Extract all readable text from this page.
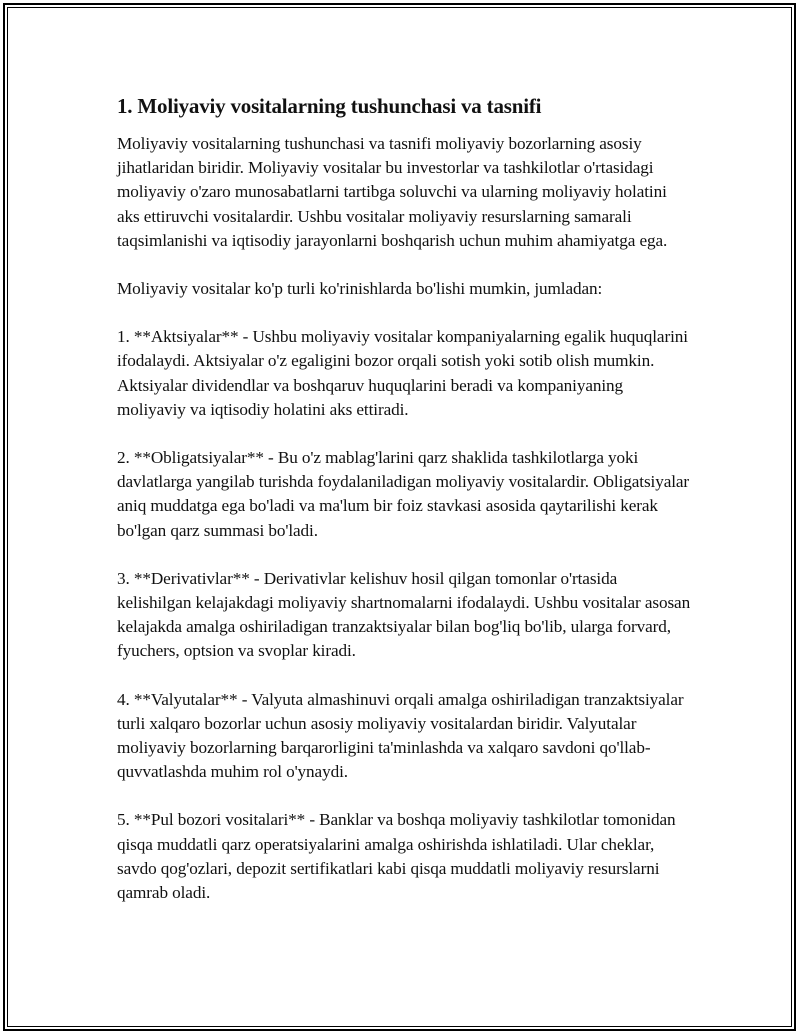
1. Moliyaviy vositalarning tushunchasi va tasnifi

Moliyaviy vositalarning tushunchasi va tasnifi moliyaviy bozorlarning asosiy jihatlaridan biridir. Moliyaviy vositalar bu investorlar va tashkilotlar o'rtasidagi moliyaviy o'zaro munosabatlarni tartibga soluvchi va ularning moliyaviy holatini aks ettiruvchi vositalardir. Ushbu vositalar moliyaviy resurslarning samarali taqsimlanishi va iqtisodiy jarayonlarni boshqarish uchun muhim ahamiyatga ega.

Moliyaviy vositalar ko'p turli ko'rinishlarda bo'lishi mumkin, jumladan:

1. **Aktsiyalar** - Ushbu moliyaviy vositalar kompaniyalarning egalik huquqlarini ifodalaydi. Aktsiyalar o'z egaligini bozor orqali sotish yoki sotib olish mumkin. Aktsiyalar dividendlar va boshqaruv huquqlarini beradi va kompaniyaning moliyaviy va iqtisodiy holatini aks ettiradi.

2. **Obligatsiyalar** - Bu o'z mablag'larini qarz shaklida tashkilotlarga yoki davlatlarga yangilab turishda foydalaniladigan moliyaviy vositalardir. Obligatsiyalar aniq muddatga ega bo'ladi va ma'lum bir foiz stavkasi asosida qaytarilishi kerak bo'lgan qarz summasi bo'ladi.

3. **Derivativlar** - Derivativlar kelishuv hosil qilgan tomonlar o'rtasida kelishilgan kelajakdagi moliyaviy shartnomalarni ifodalaydi. Ushbu vositalar asosan kelajakda amalga oshiriladigan tranzaktsiyalar bilan bog'liq bo'lib, ularga forvard, fyuchers, optsion va svoplar kiradi.

4. **Valyutalar** - Valyuta almashinuvi orqali amalga oshiriladigan tranzaktsiyalar turli xalqaro bozorlar uchun asosiy moliyaviy vositalardan biridir. Valyutalar moliyaviy bozorlarning barqarorligini ta'minlashda va xalqaro savdoni qo'llab-quvvatlashda muhim rol o'ynaydi.

5. **Pul bozori vositalari** - Banklar va boshqa moliyaviy tashkilotlar tomonidan qisqa muddatli qarz operatsiyalarini amalga oshirishda ishlatiladi. Ular cheklar, savdo qog'ozlari, depozit sertifikatlari kabi qisqa muddatli moliyaviy resurslarni qamrab oladi.
